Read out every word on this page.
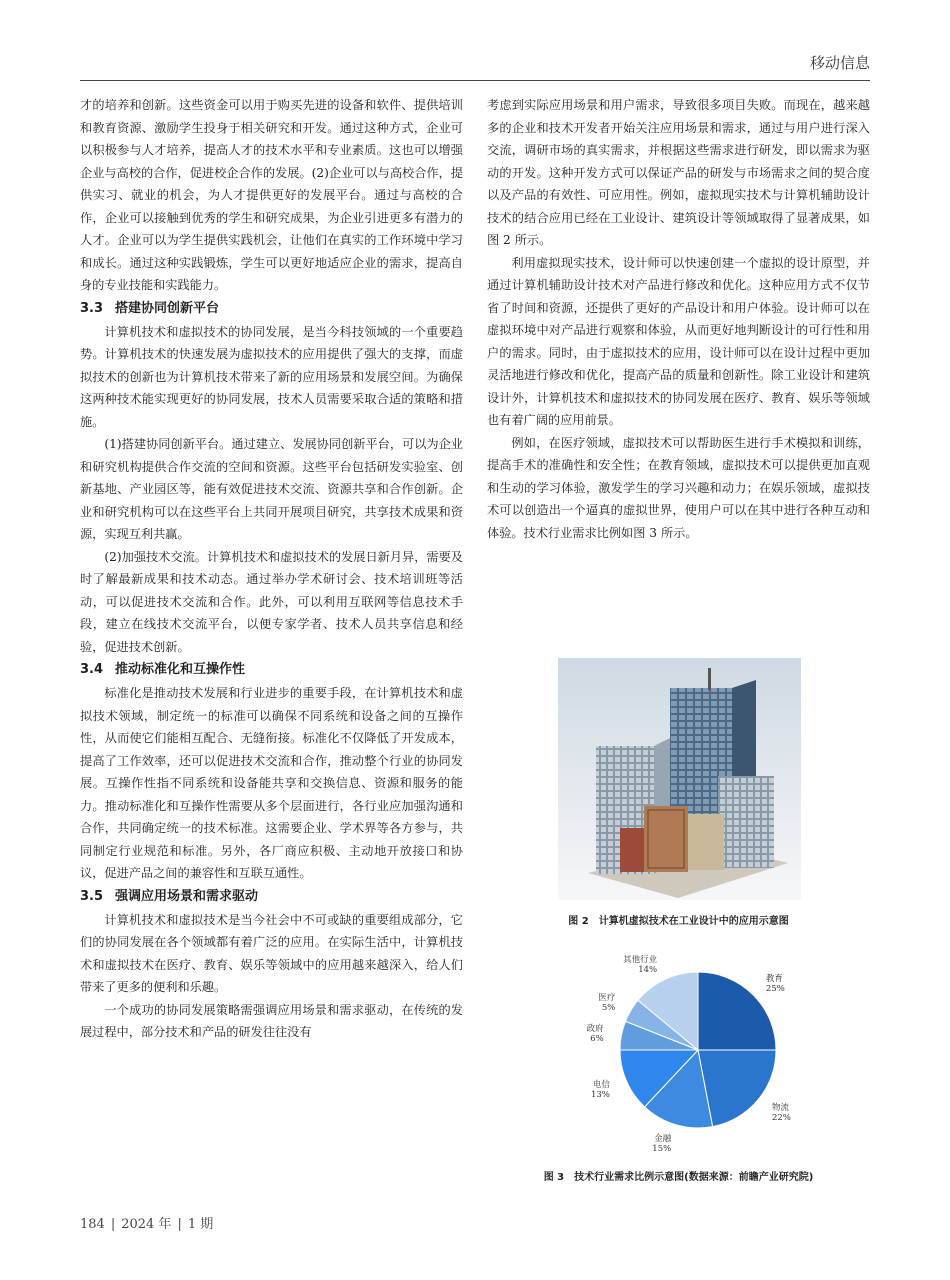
移动信息

才的培养和创新。这些资金可以用于购买先进的设备和软件、提供培训和教育资源、激励学生投身于相关研究和开发。通过这种方式，企业可以积极参与人才培养，提高人才的技术水平和专业素质。这也可以增强企业与高校的合作，促进校企合作的发展。(2)企业可以与高校合作，提供实习、就业的机会，为人才提供更好的发展平台。通过与高校的合作，企业可以接触到优秀的学生和研究成果，为企业引进更多有潜力的人才。企业可以为学生提供实践机会，让他们在真实的工作环境中学习和成长。通过这种实践锻炼，学生可以更好地适应企业的需求，提高自身的专业技能和实践能力。

3.3 搭建协同创新平台

计算机技术和虚拟技术的协同发展，是当今科技领域的一个重要趋势。计算机技术的快速发展为虚拟技术的应用提供了强大的支撑，而虚拟技术的创新也为计算机技术带来了新的应用场景和发展空间。为确保这两种技术能实现更好的协同发展，技术人员需要采取合适的策略和措施。

(1)搭建协同创新平台。通过建立、发展协同创新平台，可以为企业和研究机构提供合作交流的空间和资源。这些平台包括研发实验室、创新基地、产业园区等，能有效促进技术交流、资源共享和合作创新。企业和研究机构可以在这些平台上共同开展项目研究，共享技术成果和资源，实现互利共赢。

(2)加强技术交流。计算机技术和虚拟技术的发展日新月异，需要及时了解最新成果和技术动态。通过举办学术研讨会、技术培训班等活动，可以促进技术交流和合作。此外，可以利用互联网等信息技术手段，建立在线技术交流平台，以便专家学者、技术人员共享信息和经验，促进技术创新。

3.4 推动标准化和互操作性

标准化是推动技术发展和行业进步的重要手段，在计算机技术和虚拟技术领域，制定统一的标准可以确保不同系统和设备之间的互操作性，从而使它们能相互配合、无缝衔接。标准化不仅降低了开发成本，提高了工作效率，还可以促进技术交流和合作，推动整个行业的协同发展。互操作性指不同系统和设备能共享和交换信息、资源和服务的能力。推动标准化和互操作性需要从多个层面进行，各行业应加强沟通和合作，共同确定统一的技术标准。这需要企业、学术界等各方参与，共同制定行业规范和标准。另外，各厂商应积极、主动地开放接口和协议，促进产品之间的兼容性和互联互通性。

3.5 强调应用场景和需求驱动

计算机技术和虚拟技术是当今社会中不可或缺的重要组成部分，它们的协同发展在各个领域都有着广泛的应用。在实际生活中，计算机技术和虚拟技术在医疗、教育、娱乐等领域中的应用越来越深入，给人们带来了更多的便利和乐趣。

一个成功的协同发展策略需强调应用场景和需求驱动，在传统的发展过程中，部分技术和产品的研发往往没有

考虑到实际应用场景和用户需求，导致很多项目失败。而现在，越来越多的企业和技术开发者开始关注应用场景和需求，通过与用户进行深入交流，调研市场的真实需求，并根据这些需求进行研发，即以需求为驱动的开发。这种开发方式可以保证产品的研发与市场需求之间的契合度以及产品的有效性、可应用性。例如，虚拟现实技术与计算机辅助设计技术的结合应用已经在工业设计、建筑设计等领域取得了显著成果，如图 2 所示。

利用虚拟现实技术，设计师可以快速创建一个虚拟的设计原型，并通过计算机辅助设计技术对产品进行修改和优化。这种应用方式不仅节省了时间和资源，还提供了更好的产品设计和用户体验。设计师可以在虚拟环境中对产品进行观察和体验，从而更好地判断设计的可行性和用户的需求。同时，由于虚拟技术的应用，设计师可以在设计过程中更加灵活地进行修改和优化，提高产品的质量和创新性。除工业设计和建筑设计外，计算机技术和虚拟技术的协同发展在医疗、教育、娱乐等领域也有着广阔的应用前景。

例如，在医疗领域，虚拟技术可以帮助医生进行手术模拟和训练，提高手术的准确性和安全性；在教育领域，虚拟技术可以提供更加直观和生动的学习体验，激发学生的学习兴趣和动力；在娱乐领域，虚拟技术可以创造出一个逼真的虚拟世界，使用户可以在其中进行各种互动和体验。技术行业需求比例如图 3 所示。

图 2　计算机虚拟技术在工业设计中的应用示意图
教育
25%
物流
22%
金融
15%
电信
13%
政府
6%
医疗
5%
其他行业
14%
图 3　技术行业需求比例示意图(数据来源：前瞻产业研究院)
184 | 2024 年 | 1 期
